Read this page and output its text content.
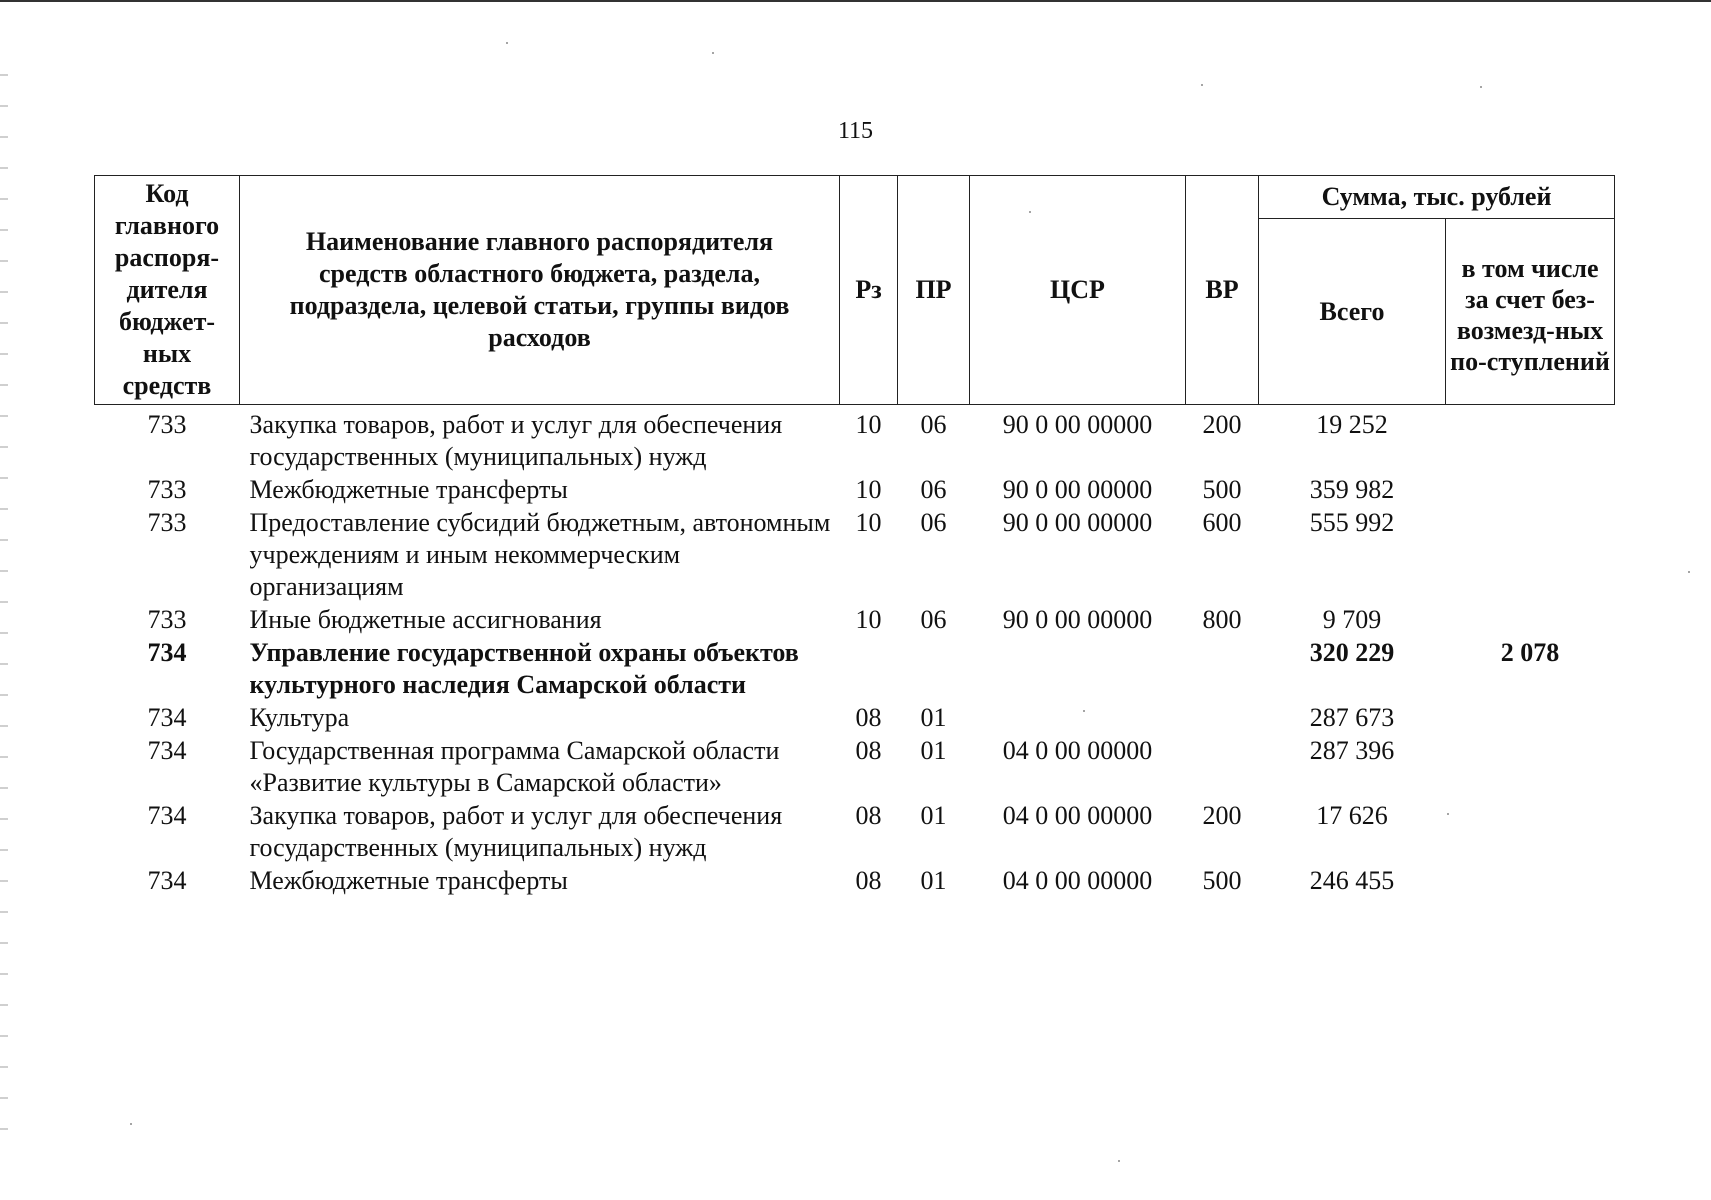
115
Код главного распоря-дителя бюджет-ных средств	Наименование главного распорядителя средств областного бюджета, раздела, подраздела, целевой статьи, группы видов расходов	Рз	ПР	ЦСР	ВР	Сумма, тыс. рублей	
						Всего	в том числе за счет без-возмезд-ных по-ступлений
733	Закупка товаров, работ и услуг для обеспечения государственных (муниципальных) нужд	10	06	90 0 00 00000	200	19 252	
733	Межбюджетные трансферты	10	06	90 0 00 00000	500	359 982	
733	Предоставление субсидий бюджетным, автономным учреждениям и иным некоммерческим организациям	10	06	90 0 00 00000	600	555 992	
733	Иные бюджетные ассигнования	10	06	90 0 00 00000	800	9 709	
734	Управление государственной охраны объектов культурного наследия Самарской области					320 229	2 078
734	Культура	08	01			287 673	
734	Государственная программа Самарской области «Развитие культуры в Самарской области»	08	01	04 0 00 00000		287 396	
734	Закупка товаров, работ и услуг для обеспечения государственных (муниципальных) нужд	08	01	04 0 00 00000	200	17 626	
734	Межбюджетные трансферты	08	01	04 0 00 00000	500	246 455	
